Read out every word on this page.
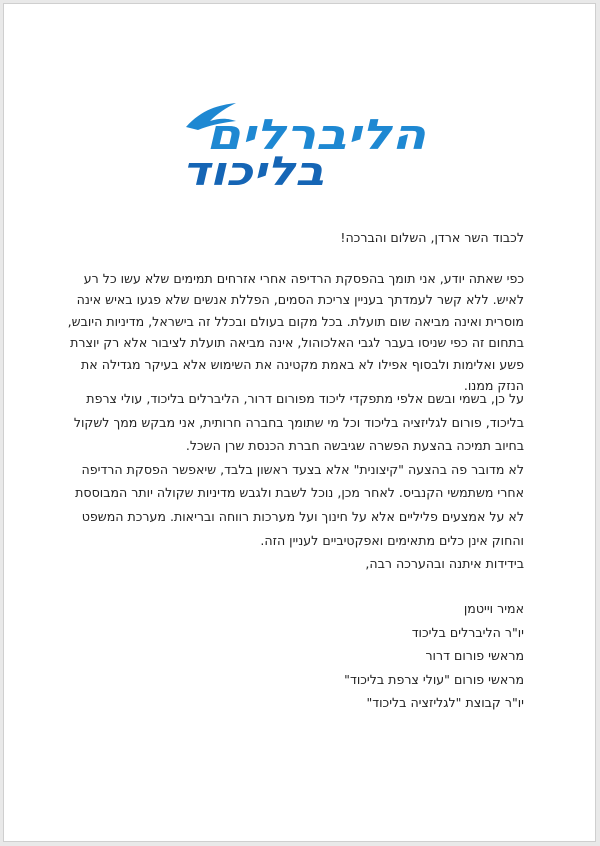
הליברלים
בליכוד
לכבוד השר ארדן, השלום והברכה!
כפי שאתה יודע, אני תומך בהפסקת הרדיפה אחרי אזרחים תמימים שלא עשו כל רע
לאיש. ללא קשר לעמדתך בעניין צריכת הסמים, הפללת אנשים שלא פגעו באיש אינה
מוסרית ואינה מביאה שום תועלת. בכל מקום בעולם ובכלל זה בישראל, מדיניות היובש,
בתחום זה כפי שניסו בעבר לגבי האלכוהול, אינה מביאה תועלת לציבור אלא רק יוצרת
פשע ואלימות ולבסוף אפילו לא באמת מקטינה את השימוש אלא בעיקר מגדילה את
הנזק ממנו.
על כן, בשמי ובשם אלפי מתפקדי ליכוד מפורום דרור, הליברלים בליכוד, עולי צרפת
בליכוד, פורום לגליזציה בליכוד וכל מי שתומך בחברה חרותית, אני מבקש ממך לשקול
בחיוב תמיכה בהצעת הפשרה שגיבשה חברת הכנסת שרן השכל.
לא מדובר פה בהצעה "קיצונית" אלא בצעד ראשון בלבד, שיאפשר הפסקת הרדיפה
אחרי משתמשי הקנביס. לאחר מכן, נוכל לשבת ולגבש מדיניות שקולה יותר המבוססת
לא על אמצעים פליליים אלא על חינוך ועל מערכות רווחה ובריאות. מערכת המשפט
והחוק אינן כלים מתאימים ואפקטיביים לעניין הזה.
בידידות איתנה ובהערכה רבה,
אמיר וייטמן
יו"ר הליברלים בליכוד
מראשי פורום דרור
מראשי פורום "עולי צרפת בליכוד"
יו"ר קבוצת "לגליזציה בליכוד"
